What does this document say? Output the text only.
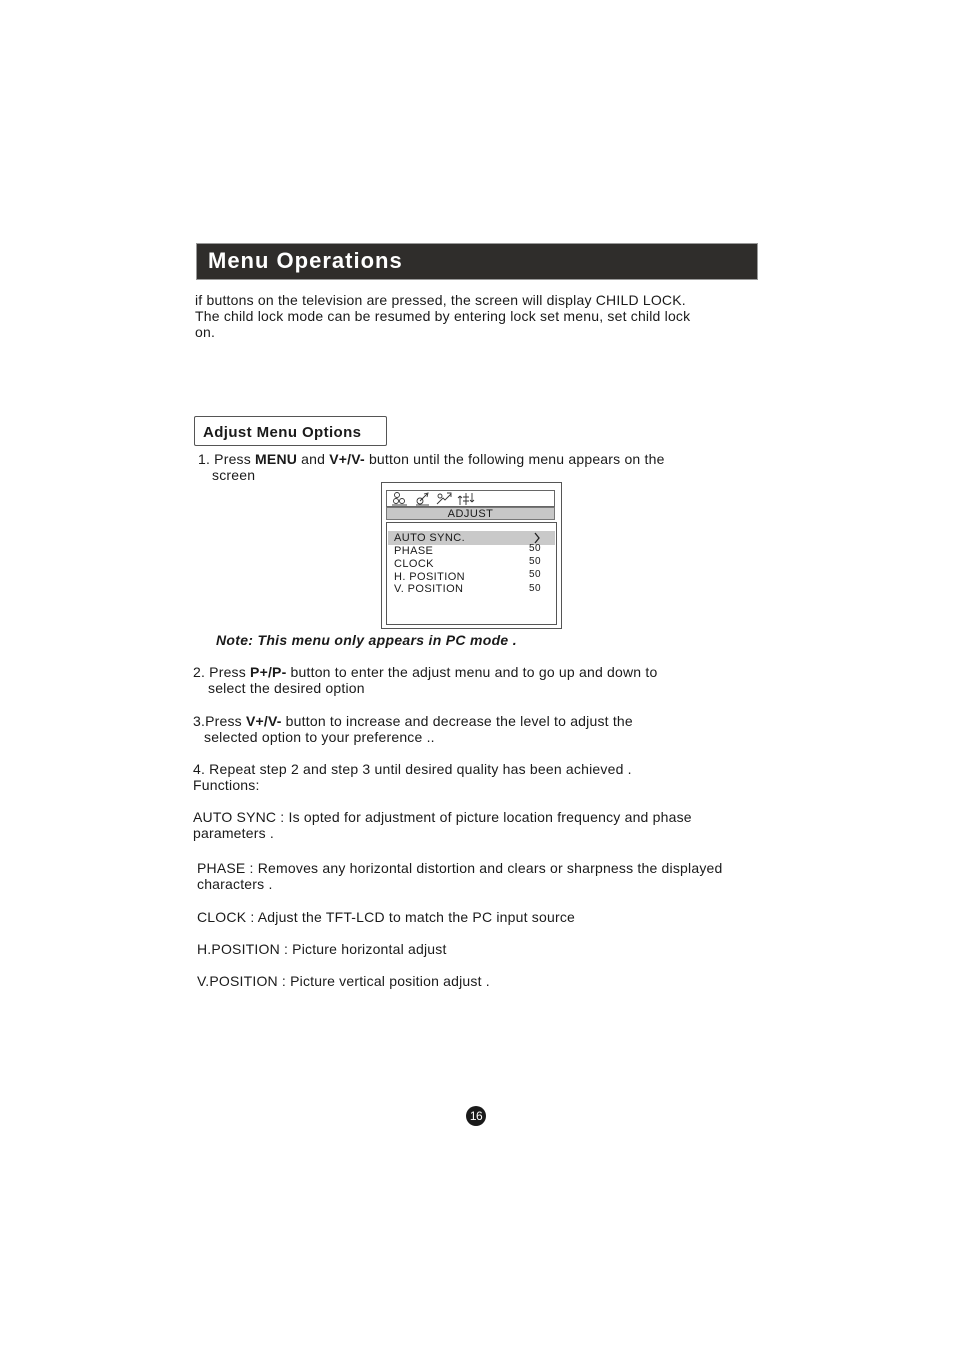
Menu Operations
if buttons on the television are pressed, the screen will display CHILD LOCK.
The child lock mode can be resumed by entering lock set menu, set child lock
on.
Adjust Menu Options
1. Press MENU and V+/V- button until the following menu appears on the
screen
ADJUST
AUTO SYNC.
PHASE	50
CLOCK	50
H. POSITION	50
V. POSITION	50
Note: This menu only appears in PC mode .
2. Press P+/P- button to enter the adjust menu and to go up and down to
select the desired option
3.Press V+/V- button to increase and decrease the level to adjust the
selected option to your preference ..
4. Repeat step 2 and step 3 until desired quality has been achieved .
Functions:
AUTO SYNC : Is opted for adjustment of picture location frequency and phase
parameters .
PHASE : Removes any horizontal distortion and clears or sharpness the displayed
characters .
CLOCK : Adjust the TFT-LCD to match the PC input source
H.POSITION : Picture horizontal adjust
V.POSITION : Picture vertical position adjust .
16
